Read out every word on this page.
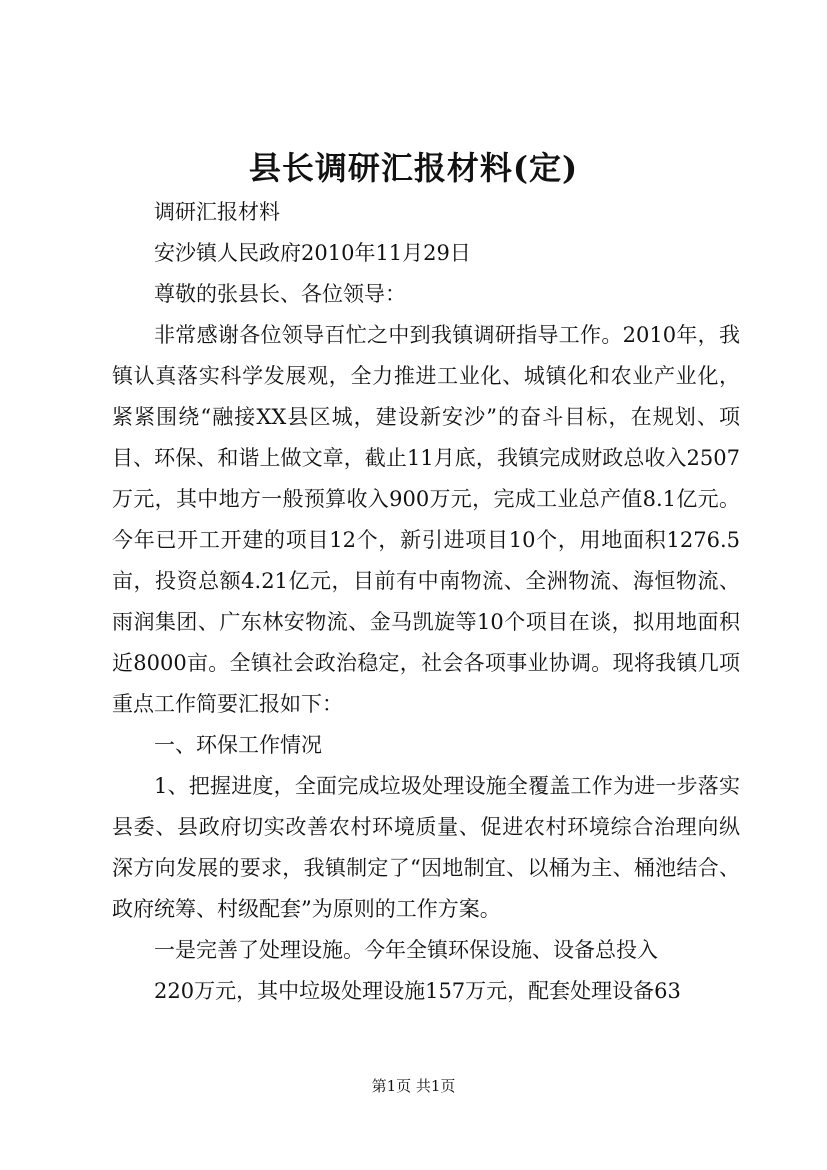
县长调研汇报材料(定)

调研汇报材料

安沙镇人民政府2010年11月29日

尊敬的张县长、各位领导：

非常感谢各位领导百忙之中到我镇调研指导工作。2010年，我镇认真落实科学发展观，全力推进工业化、城镇化和农业产业化，紧紧围绕“融接XX县区城，建设新安沙”的奋斗目标，在规划、项目、环保、和谐上做文章，截止11月底，我镇完成财政总收入2507万元，其中地方一般预算收入900万元，完成工业总产值8.1亿元。今年已开工开建的项目12个，新引进项目10个，用地面积1276.5亩，投资总额4.21亿元，目前有中南物流、全洲物流、海恒物流、雨润集团、广东林安物流、金马凯旋等10个项目在谈，拟用地面积近8000亩。全镇社会政治稳定，社会各项事业协调。现将我镇几项重点工作简要汇报如下：

一、环保工作情况

1、把握进度，全面完成垃圾处理设施全覆盖工作为进一步落实县委、县政府切实改善农村环境质量、促进农村环境综合治理向纵深方向发展的要求，我镇制定了“因地制宜、以桶为主、桶池结合、政府统筹、村级配套”为原则的工作方案。

一是完善了处理设施。今年全镇环保设施、设备总投入

220万元，其中垃圾处理设施157万元，配套处理设备63

第1页 共1页
